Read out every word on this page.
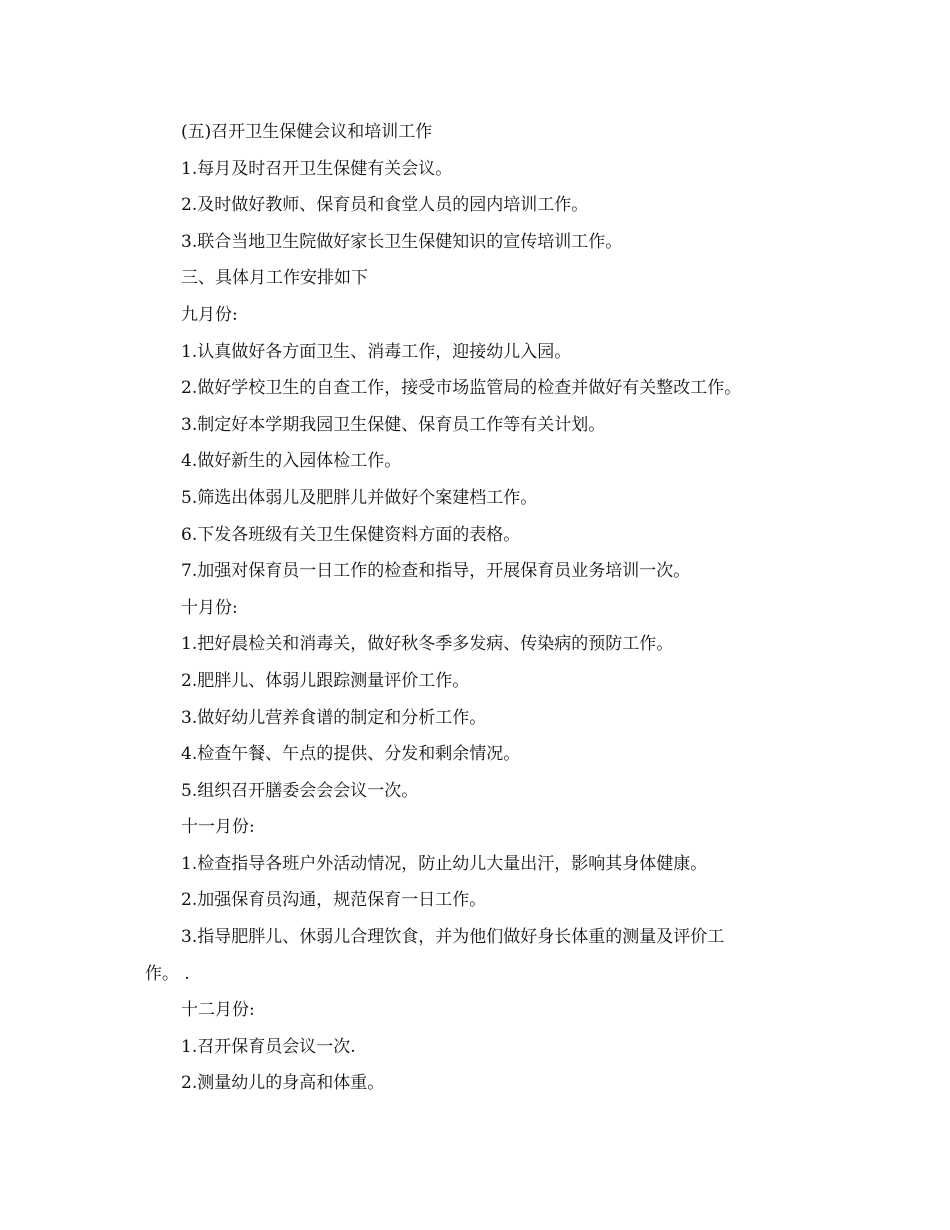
(五)召开卫生保健会议和培训工作

1.每月及时召开卫生保健有关会议。

2.及时做好教师、保育员和食堂人员的园内培训工作。

3.联合当地卫生院做好家长卫生保健知识的宣传培训工作。

三、具体月工作安排如下

九月份:

1.认真做好各方面卫生、消毒工作，迎接幼儿入园。

2.做好学校卫生的自查工作，接受市场监管局的检查并做好有关整改工作。

3.制定好本学期我园卫生保健、保育员工作等有关计划。

4.做好新生的入园体检工作。

5.筛选出体弱儿及肥胖儿并做好个案建档工作。

6.下发各班级有关卫生保健资料方面的表格。

7.加强对保育员一日工作的检查和指导，开展保育员业务培训一次。

十月份:

1.把好晨检关和消毒关，做好秋冬季多发病、传染病的预防工作。

2.肥胖儿、体弱儿跟踪测量评价工作。

3.做好幼儿营养食谱的制定和分析工作。

4.检查午餐、午点的提供、分发和剩余情况。

5.组织召开膳委会会会议一次。

十一月份:

1.检查指导各班户外活动情况，防止幼儿大量出汗，影响其身体健康。

2.加强保育员沟通，规范保育一日工作。

3.指导肥胖儿、休弱儿合理饮食，并为他们做好身长体重的测量及评价工

作。 .

十二月份:

1.召开保育员会议一次.

2.测量幼儿的身高和体重。
